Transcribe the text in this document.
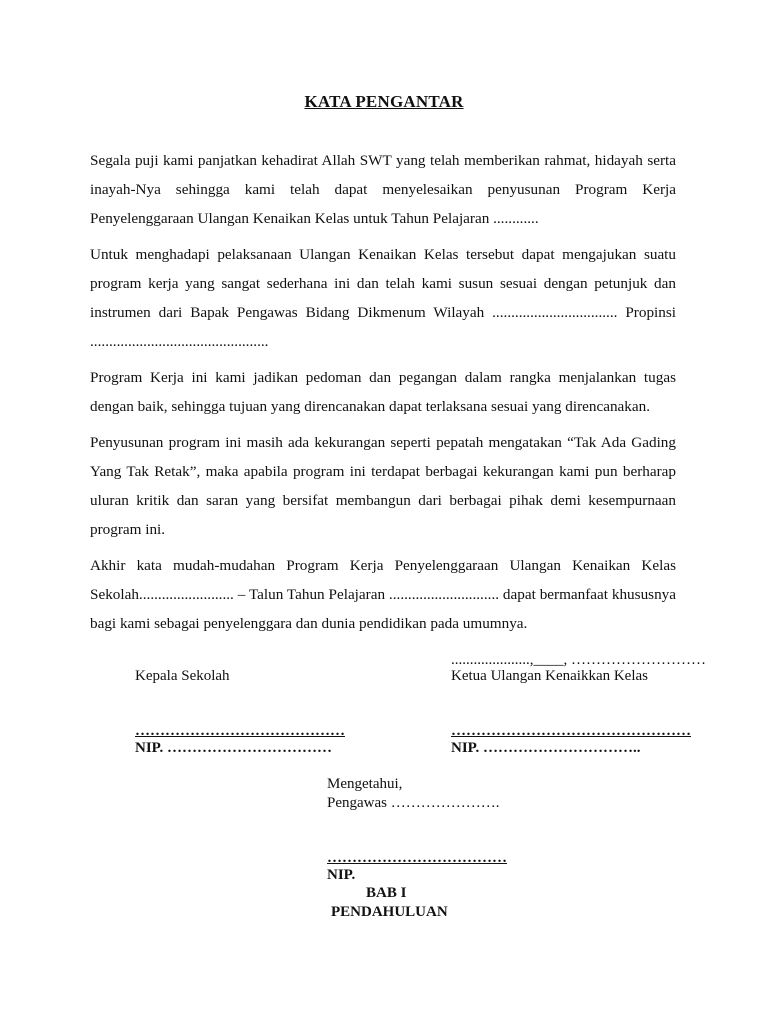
KATA PENGANTAR

Segala puji kami panjatkan kehadirat Allah SWT yang telah memberikan rahmat, hidayah serta inayah-Nya sehingga kami telah dapat menyelesaikan penyusunan Program Kerja Penyelenggaraan Ulangan Kenaikan Kelas untuk Tahun Pelajaran ............

Untuk menghadapi pelaksanaan Ulangan Kenaikan Kelas tersebut dapat mengajukan suatu program kerja yang sangat sederhana ini dan telah kami susun sesuai dengan petunjuk dan instrumen dari Bapak Pengawas Bidang Dikmenum Wilayah ................................. Propinsi ...............................................

Program Kerja ini kami jadikan pedoman dan pegangan dalam rangka menjalankan tugas dengan baik, sehingga tujuan yang direncanakan dapat terlaksana sesuai yang direncanakan.

Penyusunan program ini masih ada kekurangan seperti pepatah mengatakan “Tak Ada Gading Yang Tak Retak”, maka apabila program ini terdapat berbagai kekurangan kami pun berharap uluran kritik dan saran yang bersifat membangun dari berbagai pihak demi kesempurnaan program ini.

Akhir kata mudah-mudahan Program Kerja Penyelenggaraan Ulangan Kenaikan Kelas Sekolah......................... – Talun Tahun Pelajaran ............................. dapat bermanfaat khususnya bagi kami sebagai penyelenggara dan dunia pendidikan pada umumnya.

.....................,____, ………………………
Kepala Sekolah	Ketua Ulangan Kenaikkan Kelas
……………………………………	…………………………………………
NIP. ……………………………	NIP. …………………………..
Mengetahui,
Pengawas ………………….
………………………………
NIP.
BAB I
PENDAHULUAN
